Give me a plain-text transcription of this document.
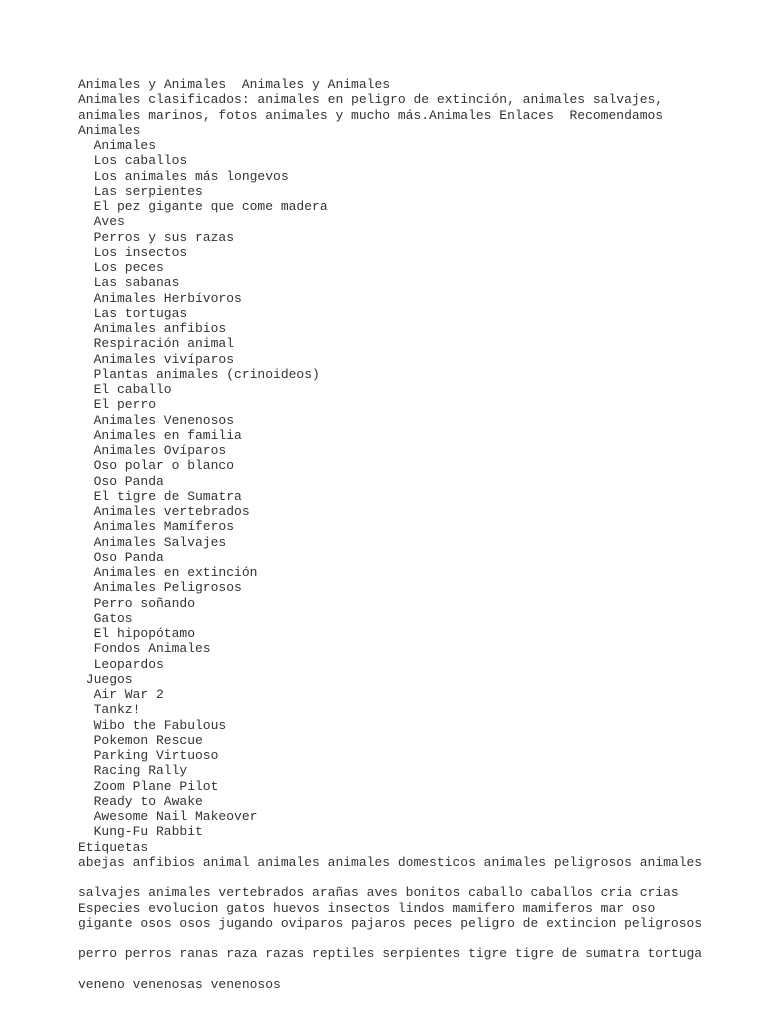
Animales y Animales  Animales y Animales
Animales clasificados: animales en peligro de extinción, animales salvajes,
animales marinos, fotos animales y mucho más.Animales Enlaces  Recomendamos
Animales
Animales
Los caballos
Los animales más longevos
Las serpientes
El pez gigante que come madera
Aves
Perros y sus razas
Los insectos
Los peces
Las sabanas
Animales Herbívoros
Las tortugas
Animales anfibios
Respiración animal
Animales vivíparos
Plantas animales (crinoideos)
El caballo
El perro
Animales Venenosos
Animales en familia
Animales Ovíparos
Oso polar o blanco
Oso Panda
El tigre de Sumatra
Animales vertebrados
Animales Mamíferos
Animales Salvajes
Oso Panda
Animales en extinción
Animales Peligrosos
Perro soñando
Gatos
El hipopótamo
Fondos Animales
Leopardos
Juegos
Air War 2
Tankz!
Wibo the Fabulous
Pokemon Rescue
Parking Virtuoso
Racing Rally
Zoom Plane Pilot
Ready to Awake
Awesome Nail Makeover
Kung-Fu Rabbit
Etiquetas
abejas anfibios animal animales animales domesticos animales peligrosos animales
salvajes animales vertebrados arañas aves bonitos caballo caballos cria crias
Especies evolucion gatos huevos insectos lindos mamifero mamiferos mar oso
gigante osos osos jugando oviparos pajaros peces peligro de extincion peligrosos
perro perros ranas raza razas reptiles serpientes tigre tigre de sumatra tortuga
veneno venenosas venenosos
